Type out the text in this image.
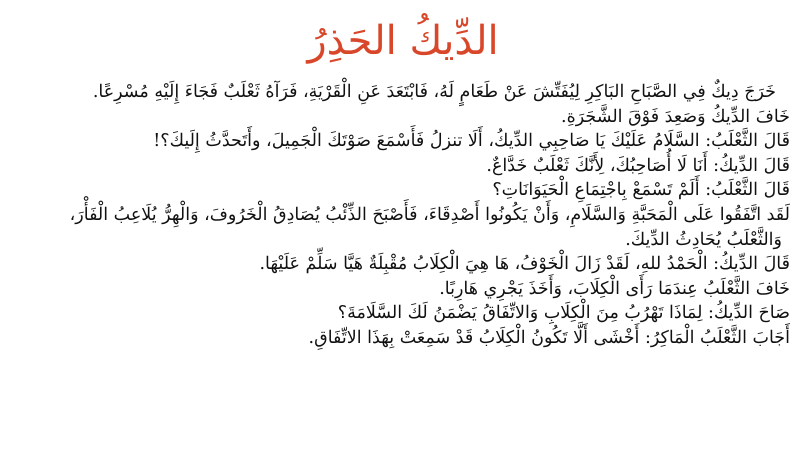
الدِّيكُ الحَذِرُ

خَرَجَ دِيكٌ فِي الصَّبَاحِ البَاكِرِ لِيُفَتِّشَ عَنْ طَعَامٍ لَهُ، فَابْتَعَدَ عَنِ الْقَرْيَةِ، فَرَآهُ ثَعْلَبٌ فَجَاءَ إِلَيْهِ مُسْرِعًا.

خَافَ الدِّيكُ وَصَعِدَ فَوْقَ الشَّجَرَةِ.

قَالَ الثَّعْلَبُ: السَّلَامُ عَلَيْكَ يَا صَاحِبِي الدِّيكُ، أَلَا تنزلُ فَأَسْمَعَ صَوْتَكَ الْجَمِيلَ، وأَتَحدَّثُ إِلَيكَ؟!

قَالَ الدِّيكُ: أَنَا لَا أُصَاحِبُكَ، لِأَنَّكَ ثَعْلَبٌ خَدَّاعٌ.

قَالَ الثَّعْلَبُ: أَلَمْ تَسْمَعْ بِاجْتِمَاعِ الْحَيَوَانَاتِ؟

لَقَد اتَّفَقُوا عَلَى الْمَحَبَّةِ وَالسَّلَامِ، وَأَنْ يَكُونُوا أَصْدِقَاءَ، فَأَصْبَحَ الذِّئْبُ يُصَادِقُ الْخَرُوفَ، وَالْهِرُّ يُلَاعِبُ الْفَأْرَ،

وَالثَّعْلَبُ يُحَادِثُ الدِّيكَ.

قَالَ الدِّيكُ: الْحَمْدُ للهِ، لَقَدْ زَالَ الْخَوْفُ، هَا هِيَ الْكِلَابُ مُقْبِلَةٌ هَيَّا سَلِّمْ عَلَيْهَا.

خَافَ الثَّعْلَبُ عِندَمَا رَأَى الْكِلَابَ، وَأَخَذَ يَجْرِي هَارِبًا.

صَاحَ الدِّيكُ: لِمَاذَا تَهْرُبُ مِنَ الْكِلَابِ وَالاتِّفَاقُ يَضْمَنُ لَكَ السَّلَامَةَ؟

أَجَابَ الثَّعْلَبُ الْمَاكِرُ: أَخْشَى أَلَّا تَكُونُ الْكِلَابُ قَدْ سَمِعَتْ بِهَذَا الاتِّفَاقِ.
